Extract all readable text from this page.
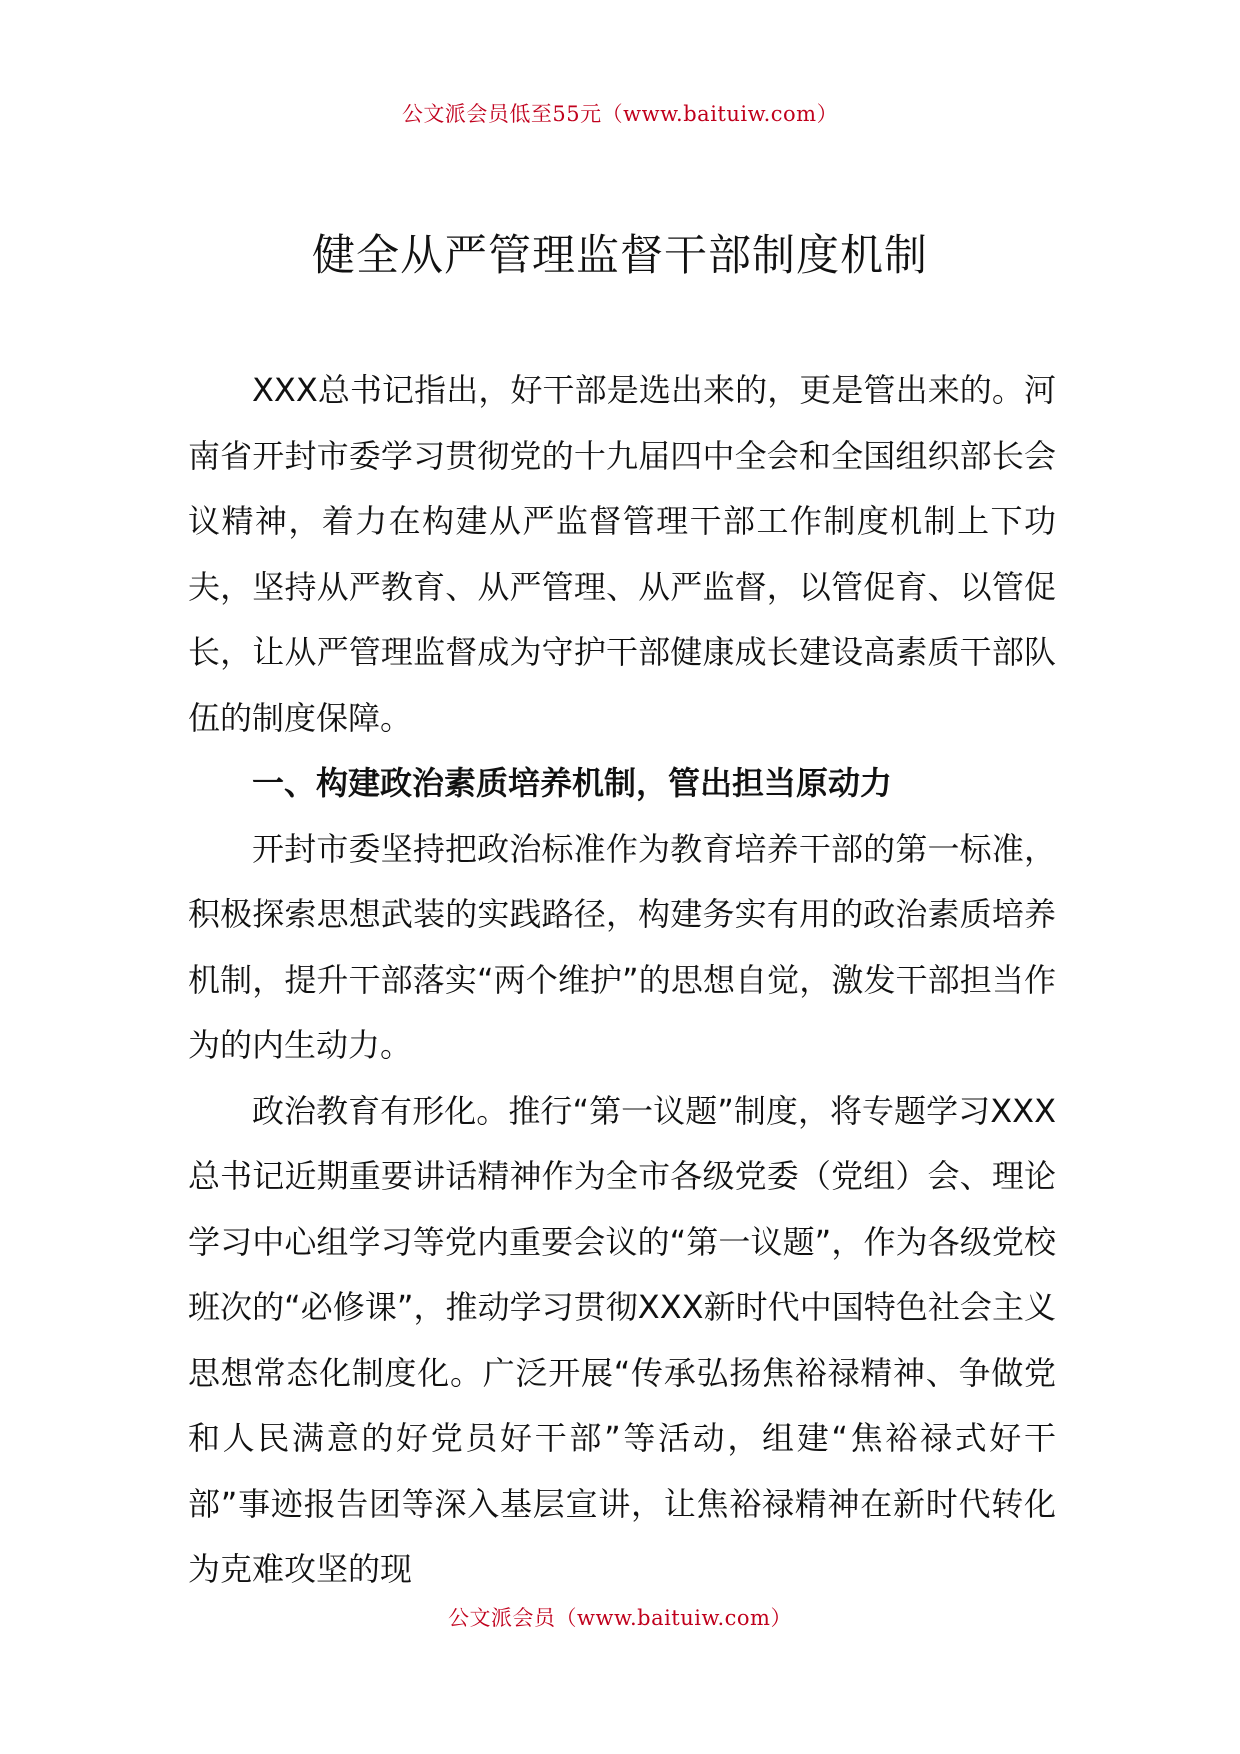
公文派会员低至55元（www.baituiw.com）
健全从严管理监督干部制度机制

XXX总书记指出，好干部是选出来的，更是管出来的。河南省开封市委学习贯彻党的十九届四中全会和全国组织部长会议精神，着力在构建从严监督管理干部工作制度机制上下功夫，坚持从严教育、从严管理、从严监督，以管促育、以管促长，让从严管理监督成为守护干部健康成长建设高素质干部队伍的制度保障。

一、构建政治素质培养机制，管出担当原动力

开封市委坚持把政治标准作为教育培养干部的第一标准，积极探索思想武装的实践路径，构建务实有用的政治素质培养机制，提升干部落实“两个维护”的思想自觉，激发干部担当作为的内生动力。

政治教育有形化。推行“第一议题”制度，将专题学习XXX总书记近期重要讲话精神作为全市各级党委（党组）会、理论学习中心组学习等党内重要会议的“第一议题”，作为各级党校班次的“必修课”，推动学习贯彻XXX新时代中国特色社会主义思想常态化制度化。广泛开展“传承弘扬焦裕禄精神、争做党和人民满意的好党员好干部”等活动，组建“焦裕禄式好干部”事迹报告团等深入基层宣讲，让焦裕禄精神在新时代转化为克难攻坚的现

公文派会员（www.baituiw.com）
